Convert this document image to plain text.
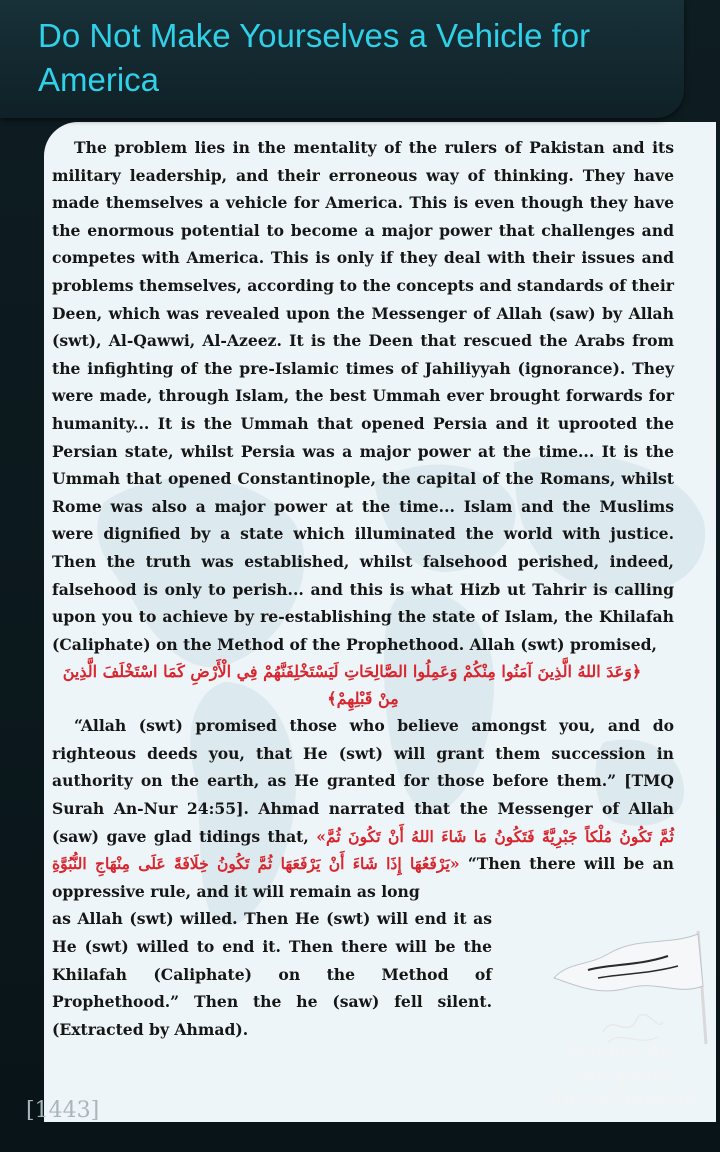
The problem lies in the mentality of the rulers of Pakistan and its military leadership, and their erroneous way of thinking. They have made themselves a vehicle for America. This is even though they have the enormous potential to become a major power that challenges and competes with America. This is only if they deal with their issues and problems themselves, according to the concepts and standards of their Deen, which was revealed upon the Messenger of Allah (saw) by Allah (swt), Al-Qawwi, Al-Azeez. It is the Deen that rescued the Arabs from the infighting of the pre-Islamic times of Jahiliyyah (ignorance). They were made, through Islam, the best Ummah ever brought forwards for humanity... It is the Ummah that opened Persia and it uprooted the Persian state, whilst Persia was a major power at the time... It is the Ummah that opened Constantinople, the capital of the Romans, whilst Rome was also a major power at the time... Islam and the Muslims were dignified by a state which illuminated the world with justice. Then the truth was established, whilst falsehood perished, indeed, falsehood is only to perish... and this is what Hizb ut Tahrir is calling upon you to achieve by re-establishing the state of Islam, the Khilafah (Caliphate) on the Method of the Prophethood. Allah (swt) promised,

﴿وَعَدَ اللهُ الَّذِينَ آمَنُوا مِنْكُمْ وَعَمِلُوا الصَّالِحَاتِ لَيَسْتَخْلِفَنَّهُمْ فِي الْأَرْضِ كَمَا اسْتَخْلَفَ الَّذِينَ مِنْ قَبْلِهِمْ﴾

“Allah (swt) promised those who believe amongst you, and do righteous deeds you, that He (swt) will grant them succession in authority on the earth, as He granted for those before them.” [TMQ Surah An-Nur 24:55]. Ahmad narrated that the Messenger of Allah (saw) gave glad tidings that, «ثُمَّ تَكُونُ مُلْكاً جَبْرِيَّةً فَتَكُونُ مَا شَاءَ اللهُ أَنْ تَكُونَ ثُمَّ يَرْفَعُهَا إِذَا شَاءَ أَنْ يَرْفَعَهَا ثُمَّ تَكُونُ خِلَافَةً عَلَى مِنْهَاجِ النُّبُوَّةِ» “Then there will be an oppressive rule, and it will remain as long

as Allah (swt) willed. Then He (swt) will end it as He (swt) willed to end it. Then there will be the Khilafah (Caliphate) on the Method of Prophethood.” Then the he (saw) fell silent. (Extracted by Ahmad).

Do Not Make Yourselves a Vehicle for America
[1443]
Scholar Ata
Bin Khalil
Abu al-Rashtah
